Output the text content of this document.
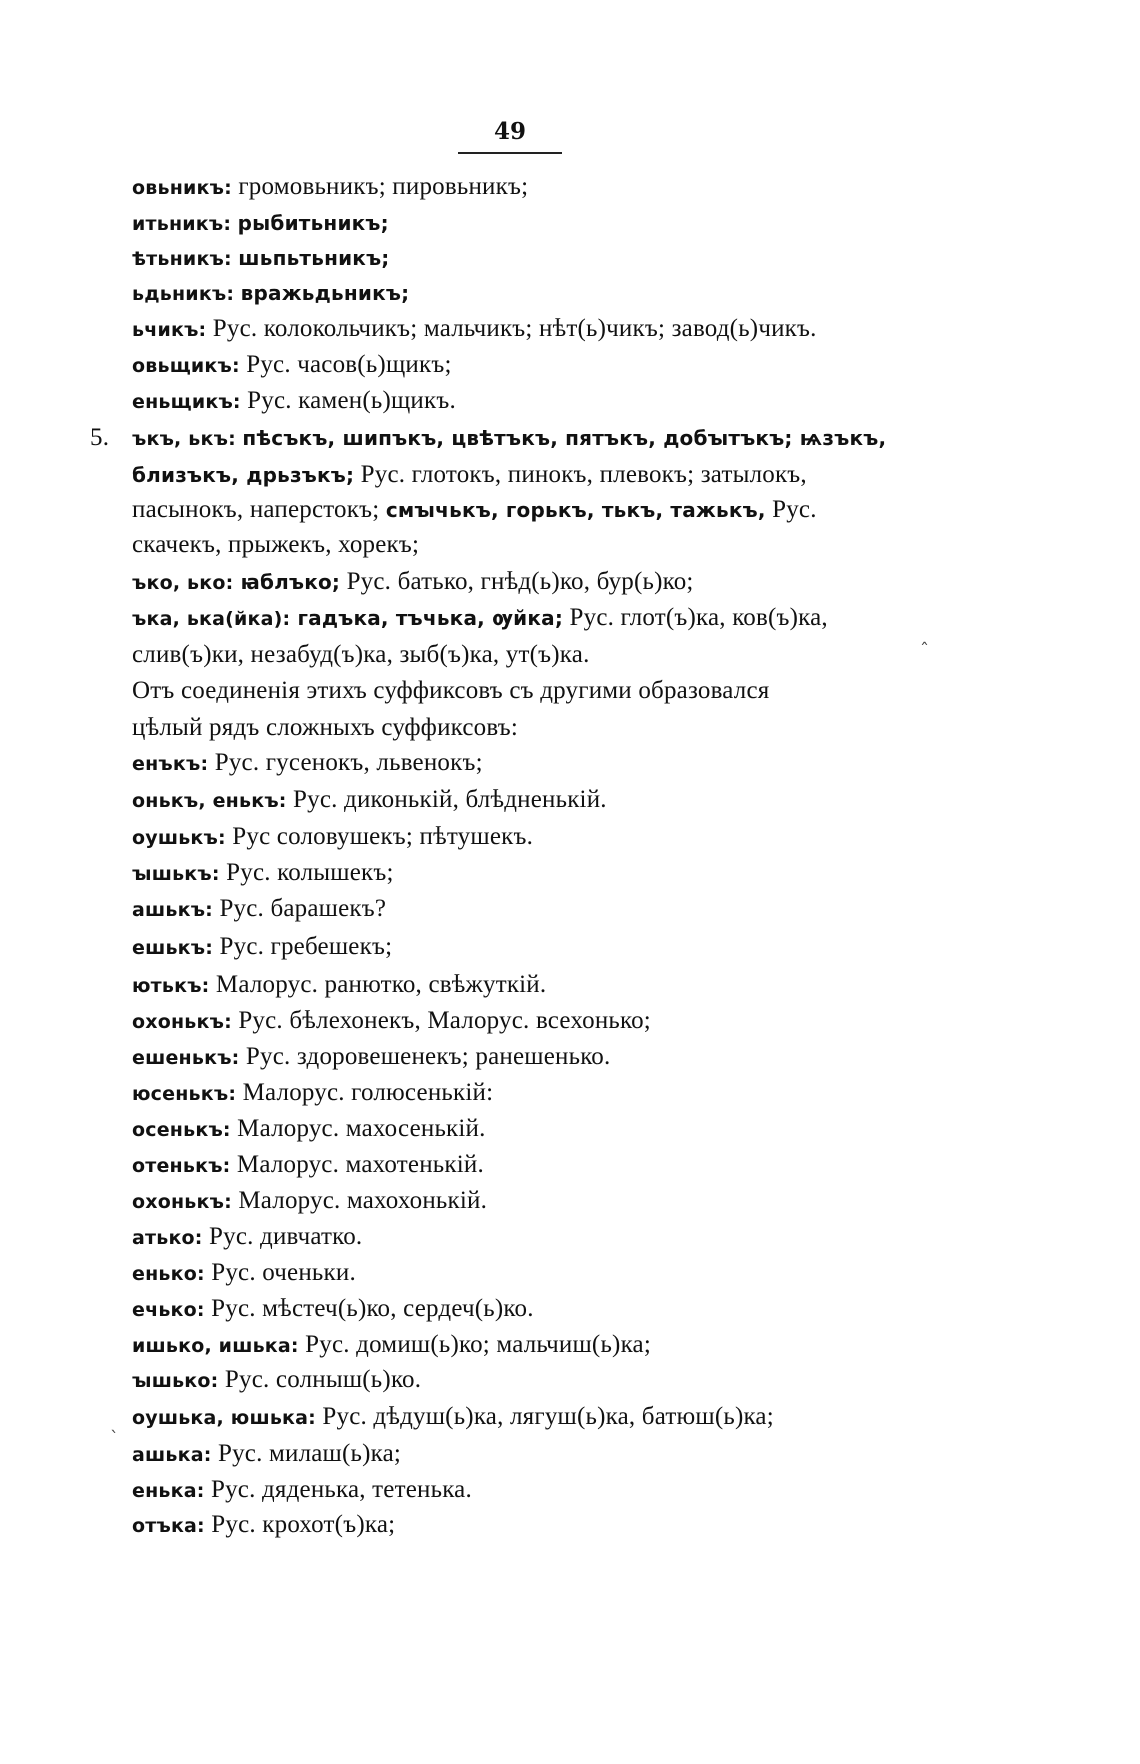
49
овьникъ: громовьникъ; пировьникъ;
итьникъ: рыбитьникъ;
ѣтьникъ: шьпьтьникъ;
ьдьникъ: вражьдьникъ;
ьчикъ: Рус. колокольчикъ; мальчикъ; нѣт(ь)чикъ; завод(ь)чикъ.
овьщикъ: Рус. часов(ь)щикъ;
еньщикъ: Рус. камен(ь)щикъ.
5. ъкъ, ькъ: пѣсъкъ, шипъкъ, цвѣтъкъ, пятъкъ, добꙑтъкъ; ѩзъкъ,
близъкъ, дрьзъкъ; Рус. глотокъ, пинокъ, плевокъ; затылокъ,
пасынокъ, наперстокъ; смꙑчькъ, горькъ, тькъ, тажькъ, Рус.
скачекъ, прыжекъ, хорекъ;
ъко, ько: ꙗблъко; Рус. батько, гнѣд(ь)ко, бур(ь)ко;
ъка, ька(йка): гадъка, тъчька, ѹйка; Рус. глот(ъ)ка, ков(ъ)ка,
слив(ъ)ки, незабуд(ъ)ка, зыб(ъ)ка, ут(ъ)ка.
Отъ соединенія этихъ суффиксовъ съ другими образовался
цѣлый рядъ сложныхъ суффиксовъ:
енъкъ: Рус. гусенокъ, львенокъ;
онькъ, енькъ: Рус. диконькій, блѣдненькій.
оушькъ: Рус соловушекъ; пѣтушекъ.
ꙑшькъ: Рус. колышекъ;
ашькъ: Рус. барашекъ?
ешькъ: Рус. гребешекъ;
ютькъ: Малорус. ранютко, свѣжуткій.
охонькъ: Рус. бѣлехонекъ, Малорус. всехонько;
ешенькъ: Рус. здоровешенекъ; ранешенько.
юсенькъ: Малорус. голюсенькій:
осенькъ: Малорус. махосенькій.
отенькъ: Малорус. махотенькій.
охонькъ: Малорус. махохонькій.
атько: Рус. дивчатко.
енько: Рус. оченьки.
ечько: Рус. мѣстеч(ь)ко, сердеч(ь)ко.
ишько, ишька: Рус. домиш(ь)ко; мальчиш(ь)ка;
ꙑшько: Рус. солныш(ь)ко.
оушька, юшька: Рус. дѣдуш(ь)ка, лягуш(ь)ка, батюш(ь)ка;
ашька: Рус. милаш(ь)ка;
енька: Рус. дяденька, тетенька.
отъка: Рус. крохот(ъ)ка;
ˆ
ˋ
